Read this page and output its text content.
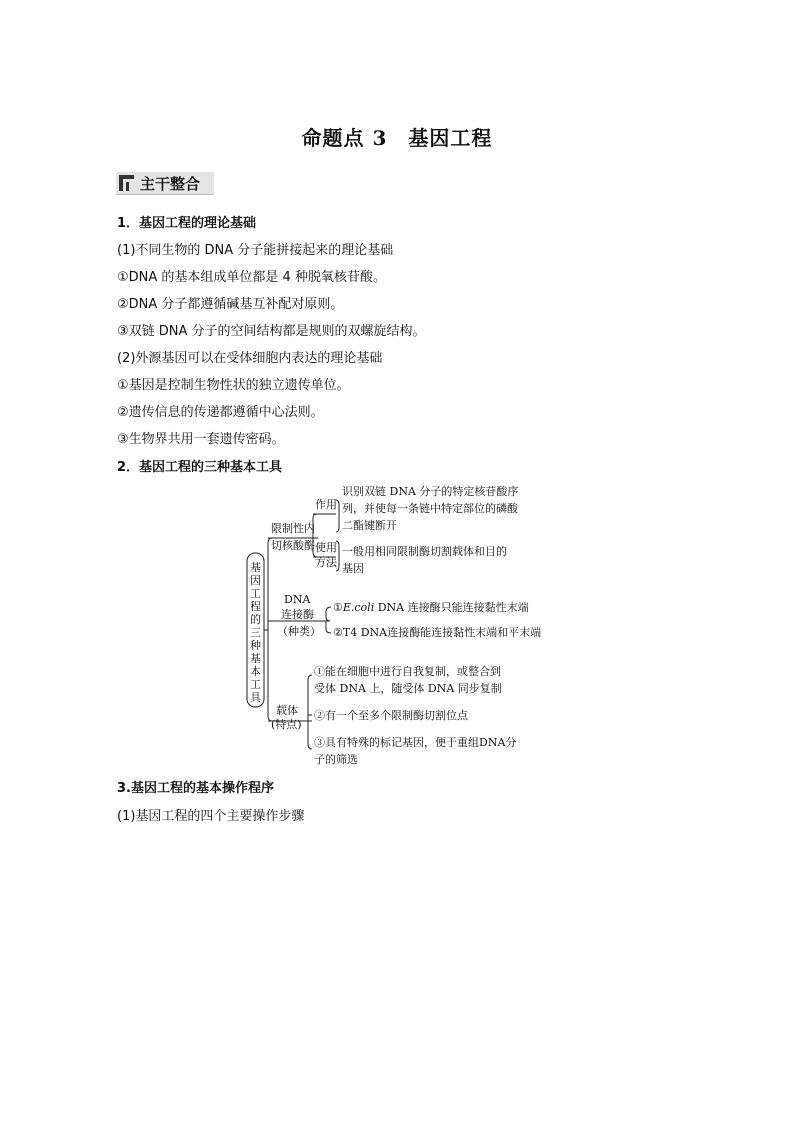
命题点 3　基因工程
主干整合
1．基因工程的理论基础
(1)不同生物的 DNA 分子能拼接起来的理论基础
①DNA 的基本组成单位都是 4 种脱氧核苷酸。
②DNA 分子都遵循碱基互补配对原则。
③双链 DNA 分子的空间结构都是规则的双螺旋结构。
(2)外源基因可以在受体细胞内表达的理论基础
①基因是控制生物性状的独立遗传单位。
②遗传信息的传递都遵循中心法则。
③生物界共用一套遗传密码。
2．基因工程的三种基本工具
基
因
工
程
的
三
种
基
本
工
具
限制性内
切核酸酶
作用
使用
方法
识别双链 DNA 分子的特定核苷酸序
列，并使每一条链中特定部位的磷酸
二酯键断开
一般用相同限制酶切割载体和目的
基因
DNA
连接酶
（种类）
①E.coli DNA 连接酶只能连接黏性末端
②T4 DNA连接酶能连接黏性末端和平末端
载体
(特点)
①能在细胞中进行自我复制，或整合到
受体 DNA 上，随受体 DNA 同步复制
②有一个至多个限制酶切割位点
③具有特殊的标记基因，便于重组DNA分
子的筛选
3.基因工程的基本操作程序
(1)基因工程的四个主要操作步骤
